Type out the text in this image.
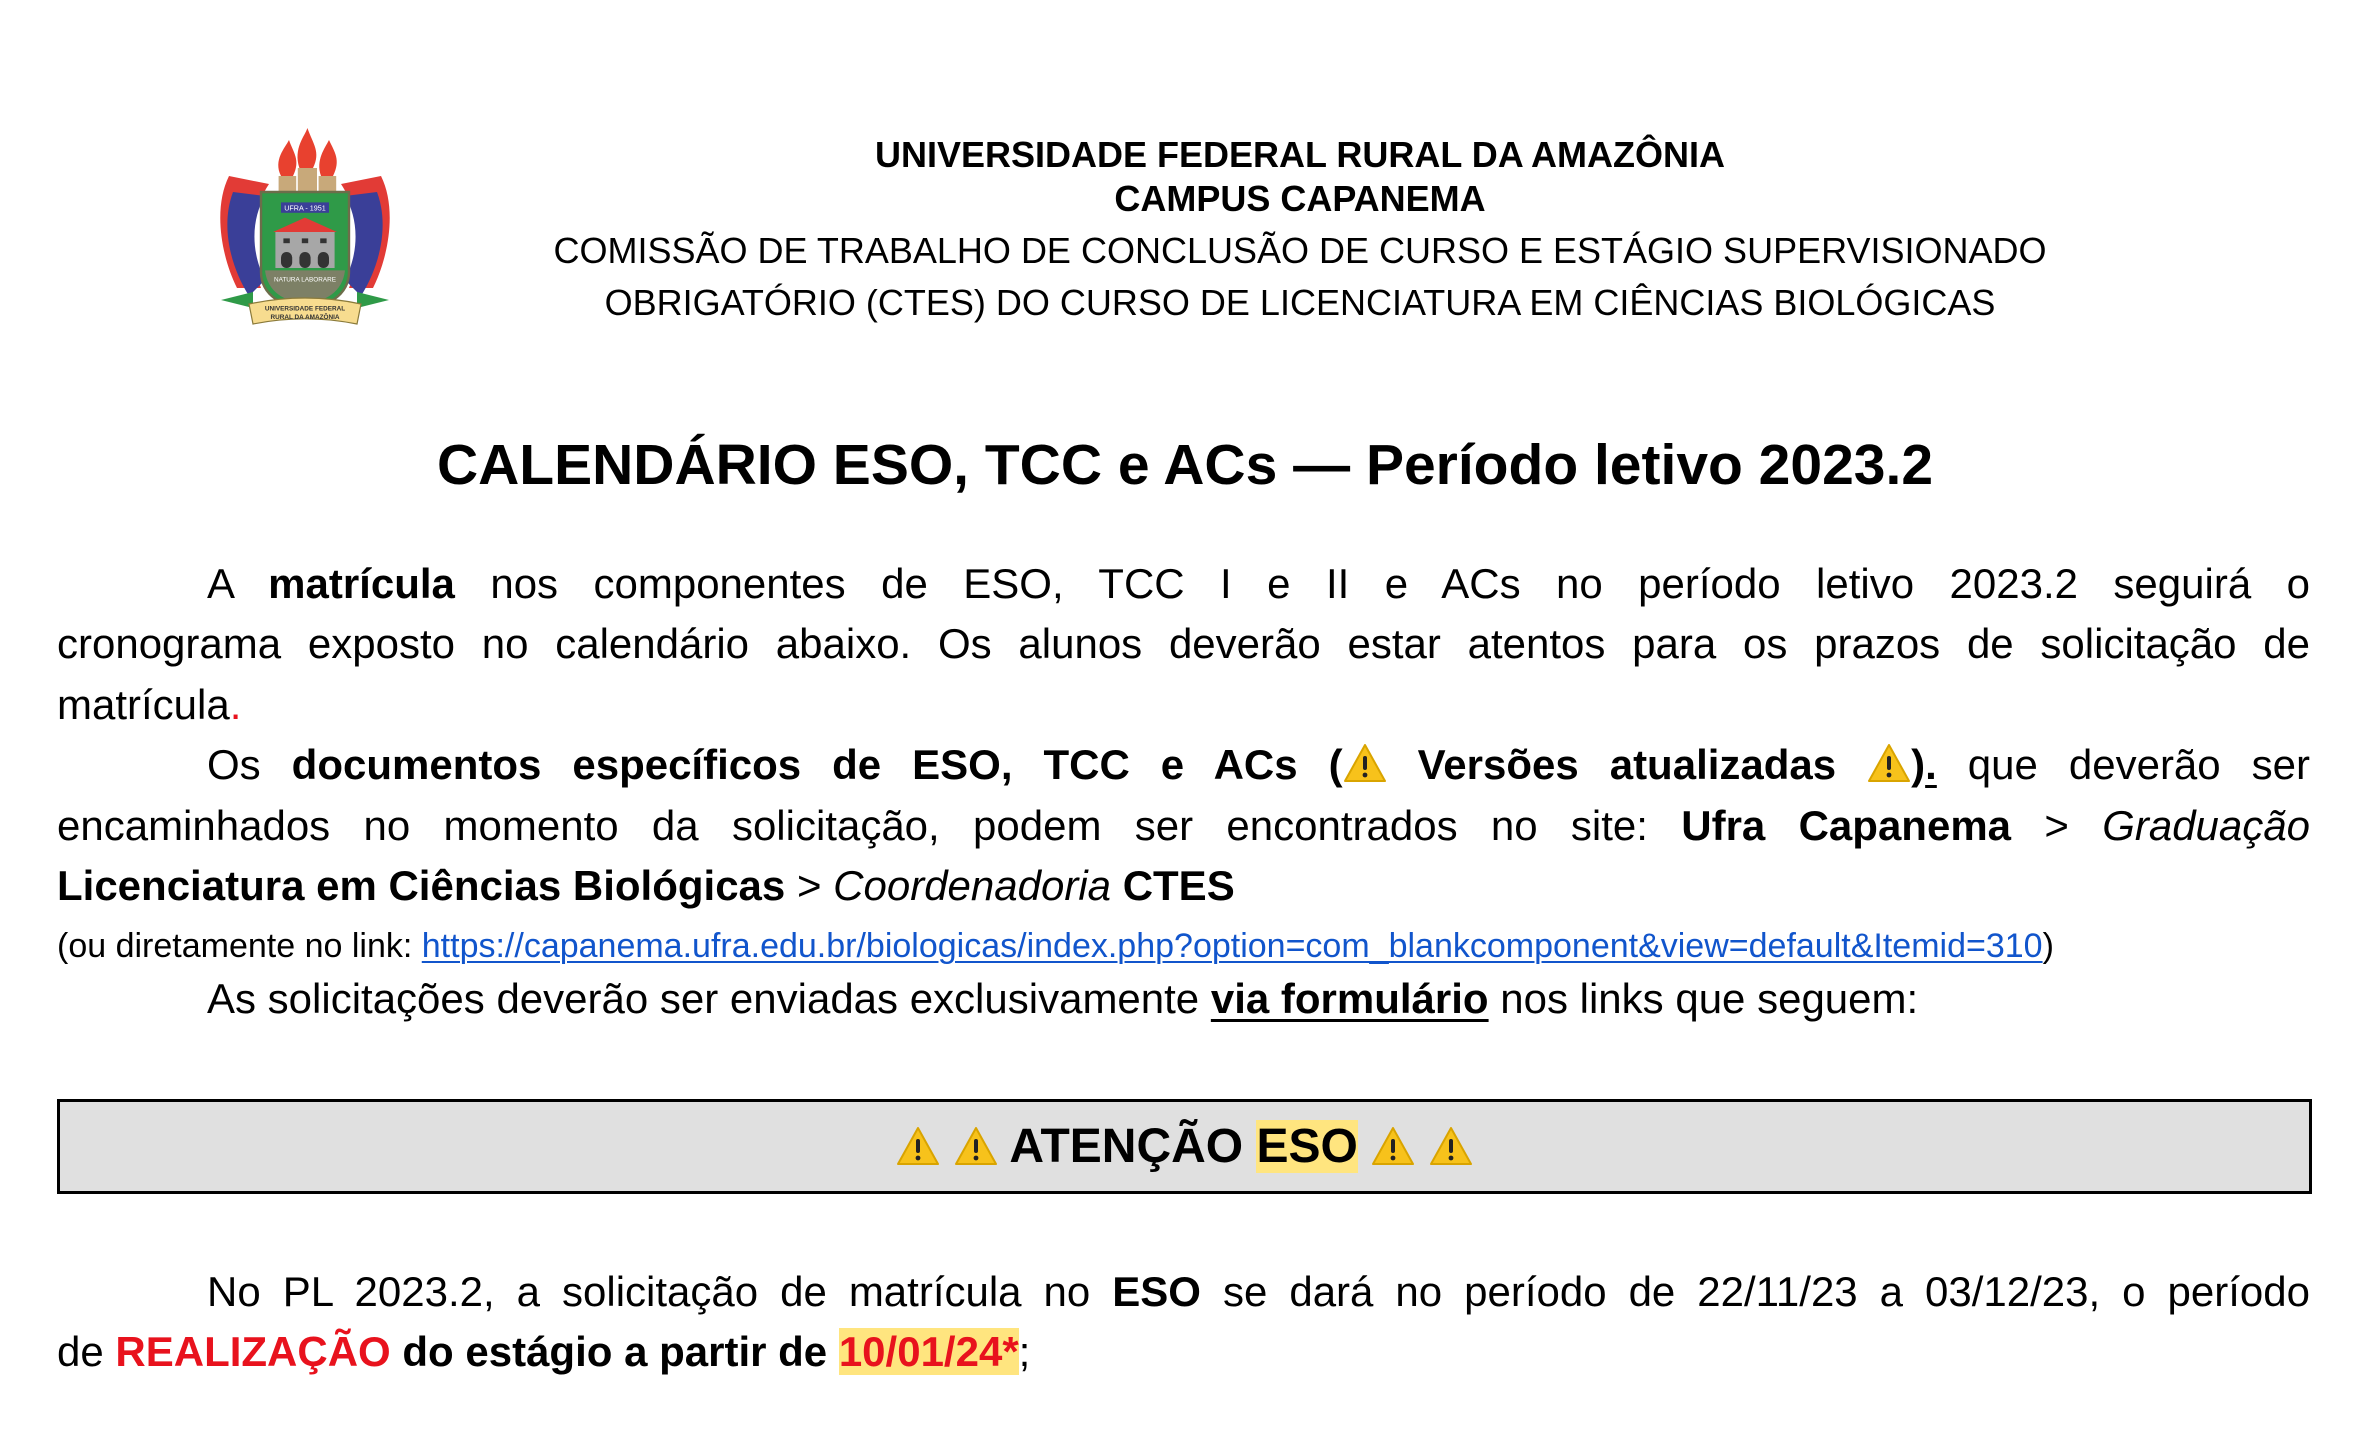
UFRA - 1951
NATURA LABORARE
UNIVERSIDADE FEDERAL
RURAL DA AMAZÔNIA
UNIVERSIDADE FEDERAL RURAL DA AMAZÔNIA
CAMPUS CAPANEMA
COMISSÃO DE TRABALHO DE CONCLUSÃO DE CURSO E ESTÁGIO SUPERVISIONADO
OBRIGATÓRIO (CTES) DO CURSO DE LICENCIATURA EM CIÊNCIAS BIOLÓGICAS
CALENDÁRIO ESO, TCC e ACs — Período letivo 2023.2
A matrícula nos componentes de ESO, TCC I e II e ACs no período letivo 2023.2 seguirá o
cronograma exposto no calendário abaixo. Os alunos deverão estar atentos para os prazos de solicitação de
matrícula.
Os documentos específicos de ESO, TCC e ACs ( Versões atualizadas ). que deverão ser
encaminhados no momento da solicitação, podem ser encontrados no site: Ufra Capanema > Graduação
Licenciatura em Ciências Biológicas > Coordenadoria CTES
(ou diretamente no link: https://capanema.ufra.edu.br/biologicas/index.php?option=com_blankcomponent&view=default&Itemid=310)
As solicitações deverão ser enviadas exclusivamente via formulário nos links que seguem:
ATENÇÃO ESO
No PL 2023.2, a solicitação de matrícula no ESO se dará no período de 22/11/23 a 03/12/23, o período
de REALIZAÇÃO do estágio a partir de 10/01/24*;
